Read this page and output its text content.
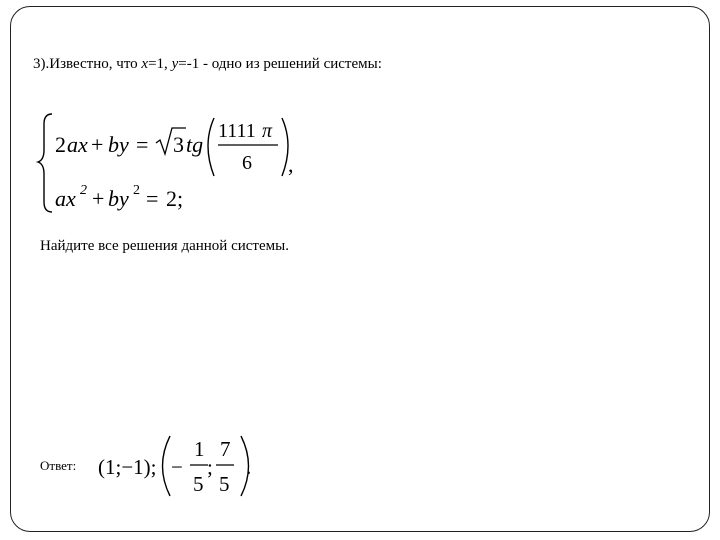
3).Известно, что x=1, y=-1 - одно из решений системы:
2 ax + by = 3 tg
1111 π
6 ,
ax 2 + by 2 = 2;
Найдите все решения данной системы.
Ответ: (1;−1); −
1
5
;
7
5
.
